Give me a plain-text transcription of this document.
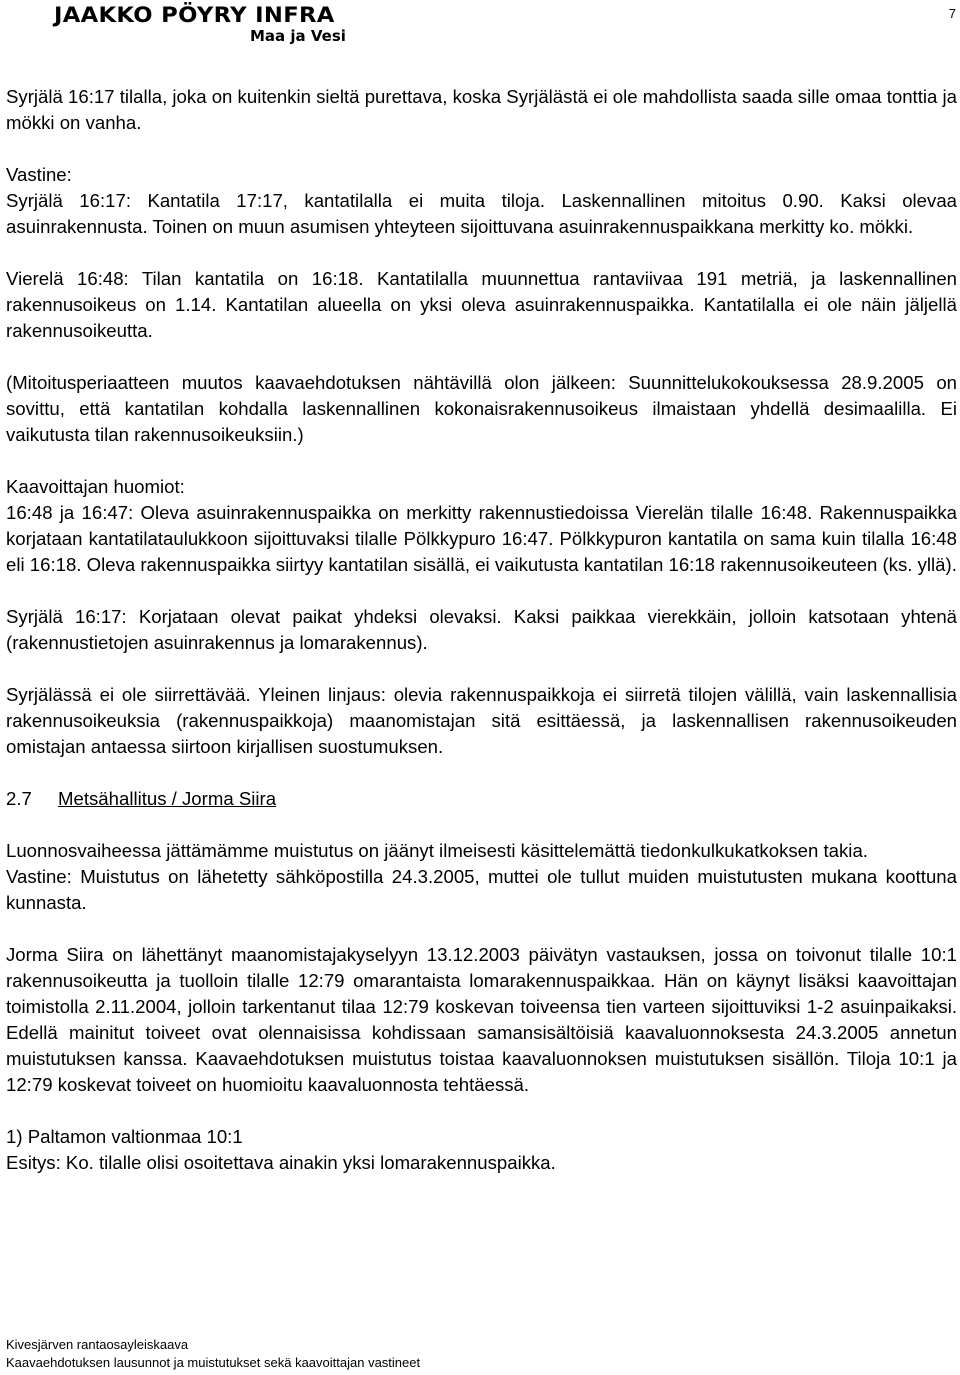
JAAKKO PÖYRY INFRA
Maa ja Vesi
7

Syrjälä 16:17 tilalla, joka on kuitenkin sieltä purettava, koska Syrjälästä ei ole mahdollista saada sille omaa tonttia ja mökki on vanha.

Vastine:

Syrjälä 16:17: Kantatila 17:17, kantatilalla ei muita tiloja. Laskennallinen mitoitus 0.90. Kaksi olevaa asuinrakennusta. Toinen on muun asumisen yhteyteen sijoittuvana asuinrakennuspaikkana merkitty ko. mökki.

Vierelä 16:48: Tilan kantatila on 16:18. Kantatilalla muunnettua rantaviivaa 191 metriä, ja laskennallinen rakennusoikeus on 1.14. Kantatilan alueella on yksi oleva asuinrakennuspaikka. Kantatilalla ei ole näin jäljellä rakennusoikeutta.

(Mitoitusperiaatteen muutos kaavaehdotuksen nähtävillä olon jälkeen: Suunnittelukokouksessa 28.9.2005 on sovittu, että kantatilan kohdalla laskennallinen kokonaisrakennusoikeus ilmaistaan yhdellä desimaalilla. Ei vaikutusta tilan rakennusoikeuksiin.)

Kaavoittajan huomiot:

16:48 ja 16:47: Oleva asuinrakennuspaikka on merkitty rakennustiedoissa Vierelän tilalle 16:48. Rakennuspaikka korjataan kantatilataulukkoon sijoittuvaksi tilalle Pölkkypuro 16:47. Pölkkypuron kantatila on sama kuin tilalla 16:48 eli 16:18. Oleva rakennuspaikka siirtyy kantatilan sisällä, ei vaikutusta kantatilan 16:18 rakennusoikeuteen (ks. yllä).

Syrjälä 16:17: Korjataan olevat paikat yhdeksi olevaksi. Kaksi paikkaa vierekkäin, jolloin katsotaan yhtenä (rakennustietojen asuinrakennus ja lomarakennus).

Syrjälässä ei ole siirrettävää. Yleinen linjaus: olevia rakennuspaikkoja ei siirretä tilojen välillä, vain laskennallisia rakennusoikeuksia (rakennuspaikkoja) maanomistajan sitä esittäessä, ja laskennallisen rakennusoikeuden omistajan antaessa siirtoon kirjallisen suostumuksen.

2.7 Metsähallitus / Jorma Siira

Luonnosvaiheessa jättämämme muistutus on jäänyt ilmeisesti käsittelemättä tiedonkulkukatkoksen takia.

Vastine: Muistutus on lähetetty sähköpostilla 24.3.2005, muttei ole tullut muiden muistutusten mukana koottuna kunnasta.

Jorma Siira on lähettänyt maanomistajakyselyyn 13.12.2003 päivätyn vastauksen, jossa on toivonut tilalle 10:1 rakennusoikeutta ja tuolloin tilalle 12:79 omarantaista lomarakennuspaikkaa. Hän on käynyt lisäksi kaavoittajan toimistolla 2.11.2004, jolloin tarkentanut tilaa 12:79 koskevan toiveensa tien varteen sijoittuviksi 1-2 asuinpaikaksi. Edellä mainitut toiveet ovat olennaisissa kohdissaan samansisältöisiä kaavaluonnoksesta 24.3.2005 annetun muistutuksen kanssa. Kaavaehdotuksen muistutus toistaa kaavaluonnoksen muistutuksen sisällön. Tiloja 10:1 ja 12:79 koskevat toiveet on huomioitu kaavaluonnosta tehtäessä.

1) Paltamon valtionmaa 10:1

Esitys: Ko. tilalle olisi osoitettava ainakin yksi lomarakennuspaikka.

Kivesjärven rantaosayleiskaava
Kaavaehdotuksen lausunnot ja muistutukset sekä kaavoittajan vastineet
